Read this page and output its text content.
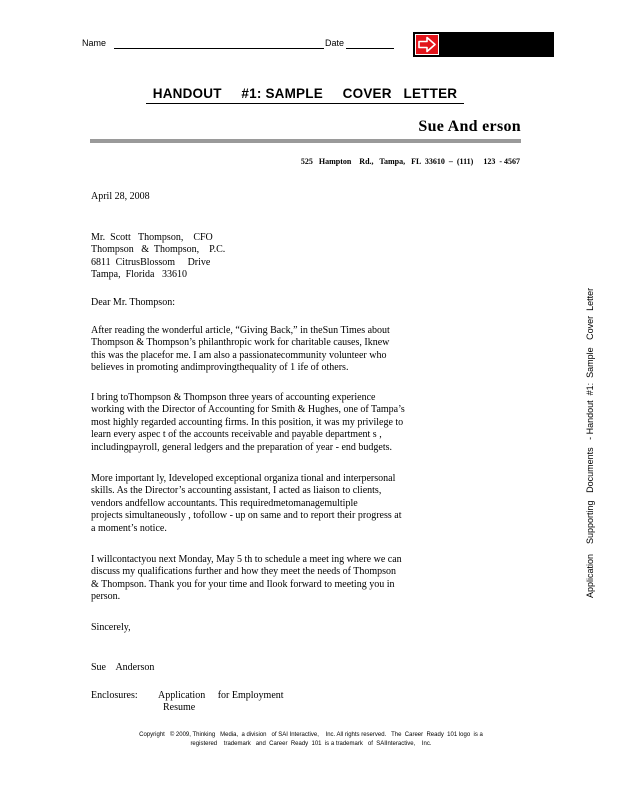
Name	Date
HANDOUT     #1: SAMPLE     COVER   LETTER
Sue And erson
525   Hampton    Rd.,   Tampa,   FL  33610  –  (111)     123  - 4567
April 28, 2008
Mr.  Scott   Thompson,    CFO
Thompson   &  Thompson,    P.C.
6811  CitrusBlossom     Drive
Tampa,  Florida   33610
Dear Mr. Thompson:

After reading the wonderful article, “Giving Back,” in theSun Times about

Thompson & Thompson’s philanthropic work for charitable causes, Iknew

this was the placefor me. I am also a passionatecommunity volunteer who

believes in promoting andimprovingthequality of 1 ife of others.

I bring toThompson & Thompson three years of accounting experience

working with the Director of Accounting for Smith & Hughes, one of Tampa’s

most highly regarded accounting firms. In this position, it was my privilege to

learn every aspec t of the accounts receivable and payable department s ,

includingpayroll, general ledgers and the preparation of year - end budgets.

More important ly, Ideveloped exceptional organiza tional and interpersonal

skills. As the Director’s accounting assistant, I acted as liaison to clients,

vendors andfellow accountants. This requiredmetomanagemultiple

projects simultaneously , tofollow - up on same and to report their progress at

a moment’s notice.

I willcontactyou next Monday, May 5 th to schedule a meet ing where we can

discuss my qualifications further and how they meet the needs of Thompson

& Thompson. Thank you for your time and Ilook forward to meeting you in

person.

Sincerely,
Sue    Anderson
Enclosures: Application     for Employment
Resume
Copyright   © 2009, Thinking   Media,  a division   of SAI Interactive,    Inc. All rights reserved.   The  Career  Ready  101 logo  is a
registered    trademark   and  Career  Ready  101  is a trademark   of  SAIInteractive,    Inc.
Application    Supporting   Documents   - Handout  #1:  Sample   Cover  Letter
